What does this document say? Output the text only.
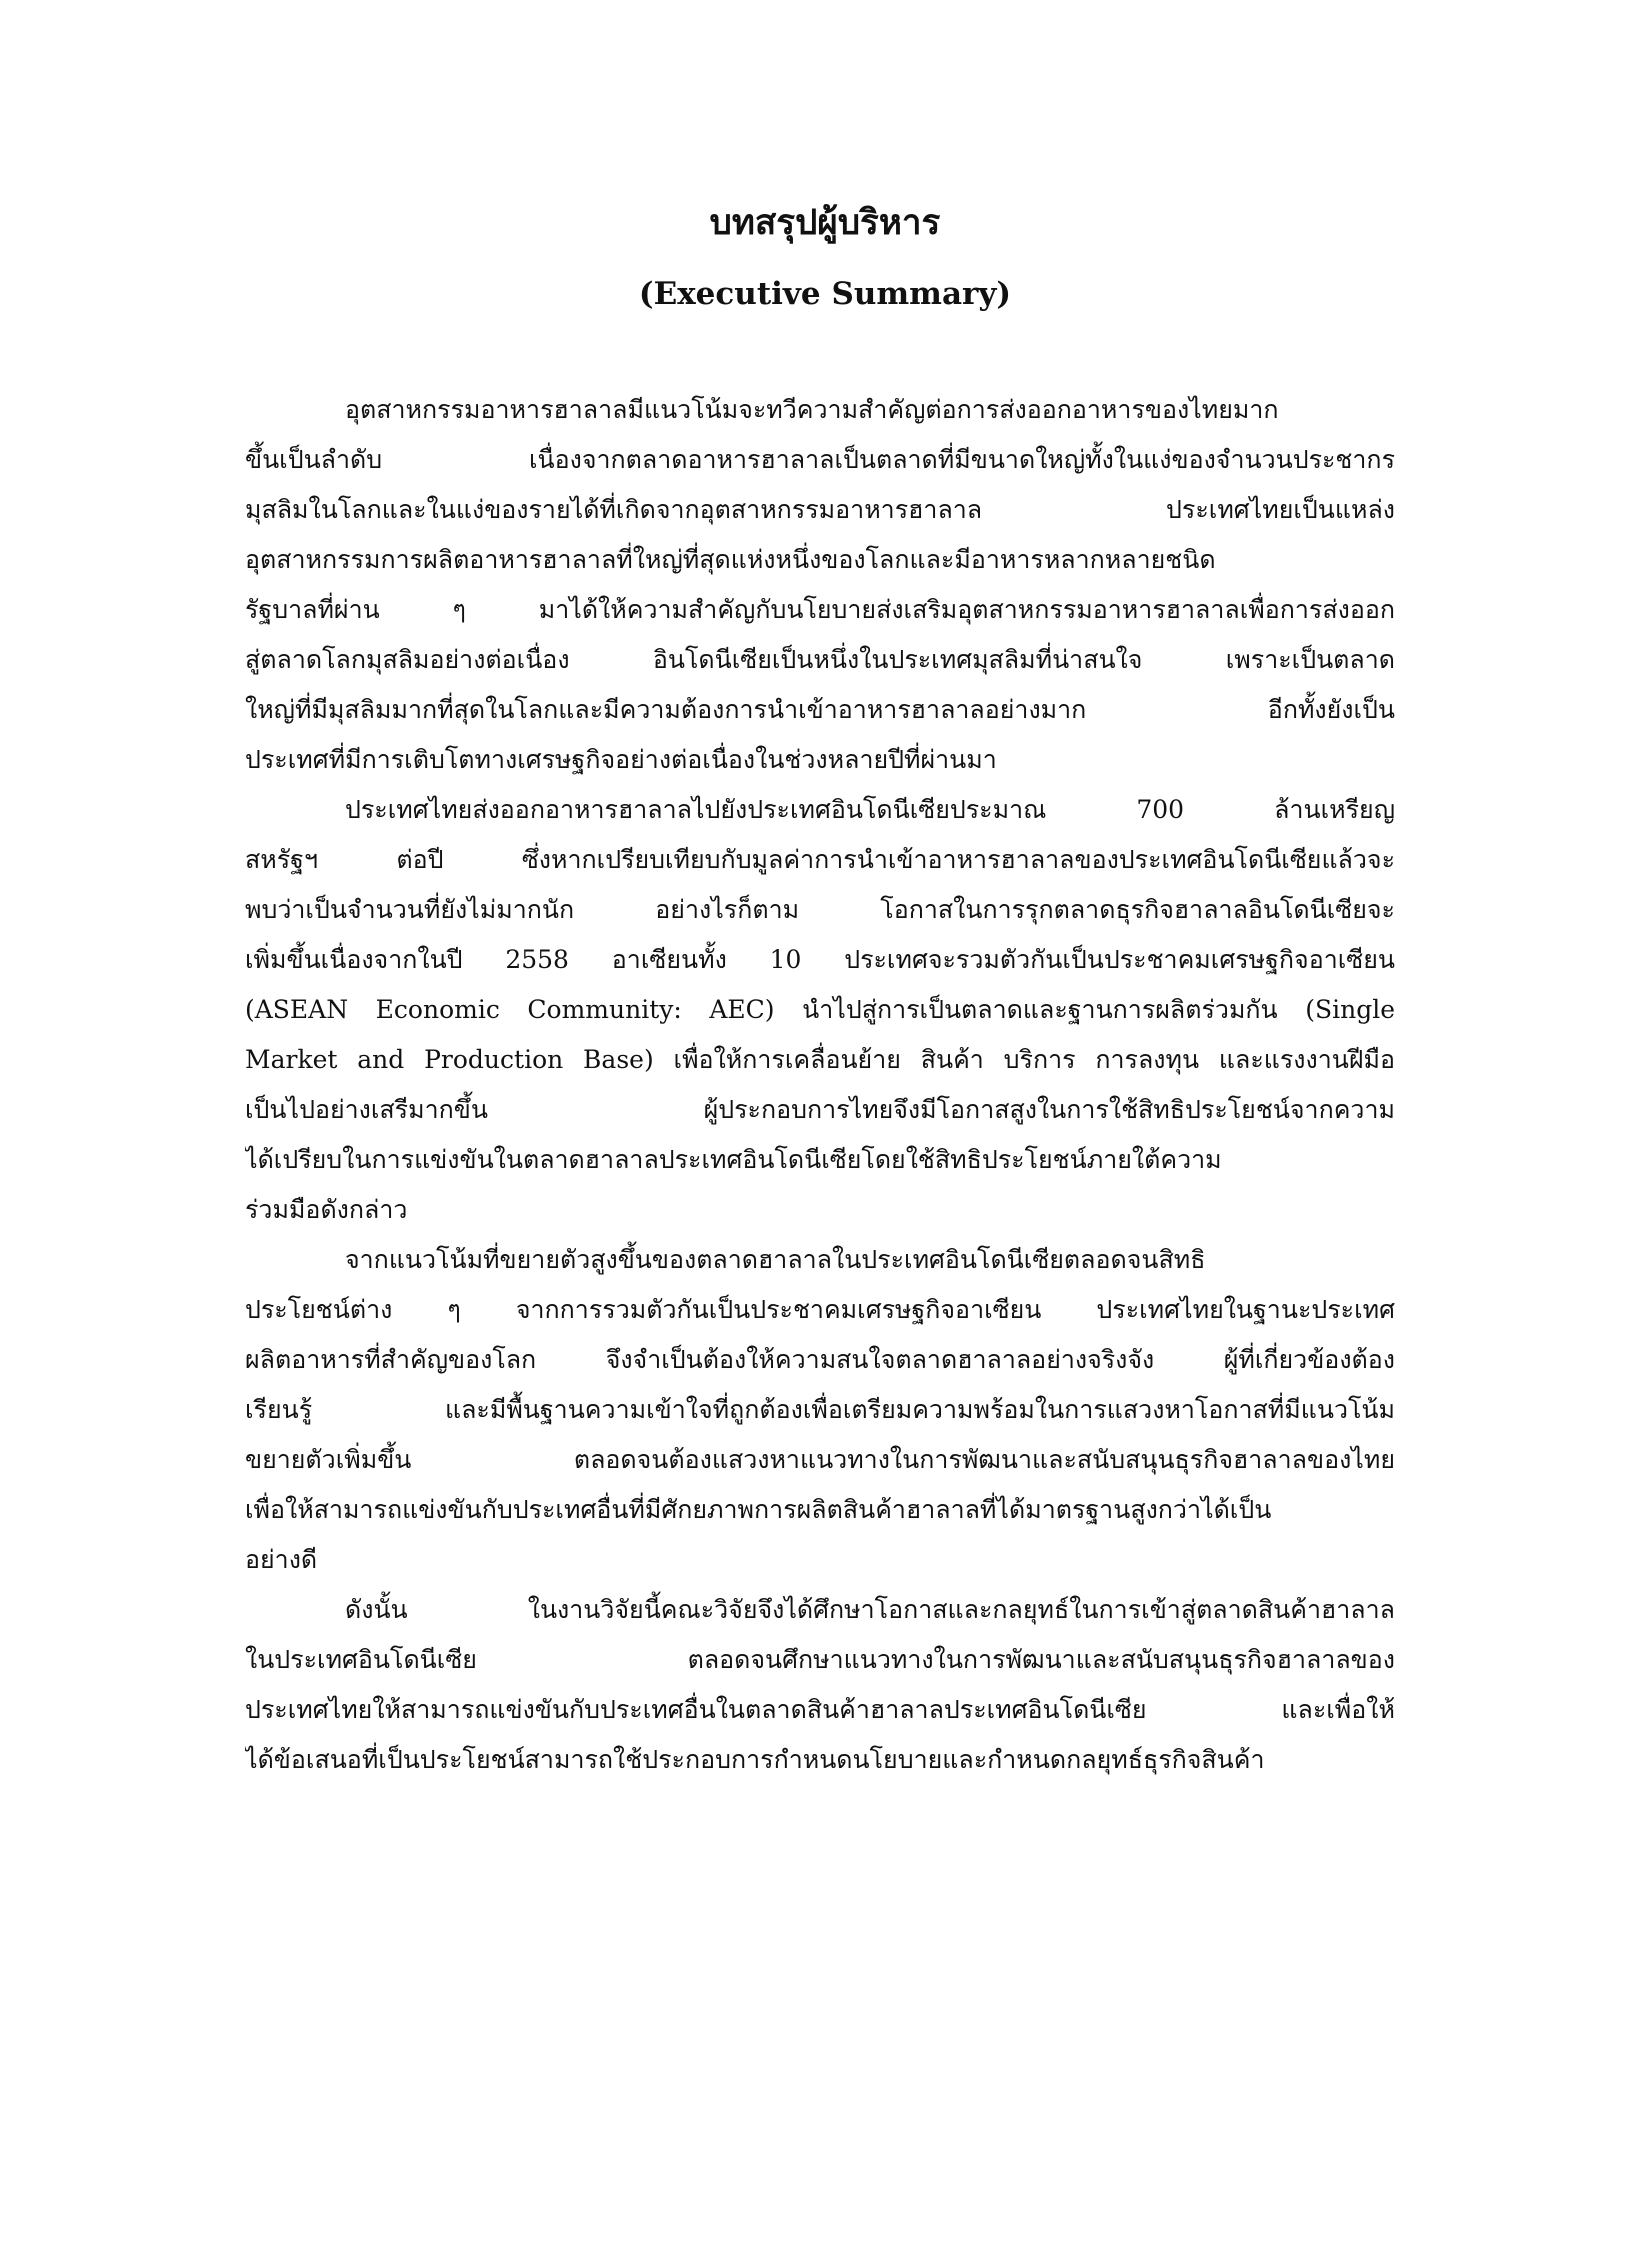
บทสรุปผู้บริหาร
(Executive Summary)
อุตสาหกรรมอาหารฮาลาลมีแนวโน้มจะทวีความสำคัญต่อการส่งออกอาหารของไทยมาก
ขึ้นเป็นลำดับ เนื่องจากตลาดอาหารฮาลาลเป็นตลาดที่มีขนาดใหญ่ทั้งในแง่ของจำนวนประชากร
มุสลิมในโลกและในแง่ของรายได้ที่เกิดจากอุตสาหกรรมอาหารฮาลาล ประเทศไทยเป็นแหล่ง
อุตสาหกรรมการผลิตอาหารฮาลาลที่ใหญ่ที่สุดแห่งหนึ่งของโลกและมีอาหารหลากหลายชนิด
รัฐบาลที่ผ่าน ๆ มาได้ให้ความสำคัญกับนโยบายส่งเสริมอุตสาหกรรมอาหารฮาลาลเพื่อการส่งออก
สู่ตลาดโลกมุสลิมอย่างต่อเนื่อง อินโดนีเซียเป็นหนึ่งในประเทศมุสลิมที่น่าสนใจ เพราะเป็นตลาด
ใหญ่ที่มีมุสลิมมากที่สุดในโลกและมีความต้องการนำเข้าอาหารฮาลาลอย่างมาก อีกทั้งยังเป็น
ประเทศที่มีการเติบโตทางเศรษฐกิจอย่างต่อเนื่องในช่วงหลายปีที่ผ่านมา
ประเทศไทยส่งออกอาหารฮาลาลไปยังประเทศอินโดนีเซียประมาณ 700 ล้านเหรียญ
สหรัฐฯ ต่อปี ซึ่งหากเปรียบเทียบกับมูลค่าการนำเข้าอาหารฮาลาลของประเทศอินโดนีเซียแล้วจะ
พบว่าเป็นจำนวนที่ยังไม่มากนัก อย่างไรก็ตาม โอกาสในการรุกตลาดธุรกิจฮาลาลอินโดนีเซียจะ
เพิ่มขึ้นเนื่องจากในปี 2558 อาเซียนทั้ง 10 ประเทศจะรวมตัวกันเป็นประชาคมเศรษฐกิจอาเซียน
(ASEAN Economic Community: AEC) นำไปสู่การเป็นตลาดและฐานการผลิตร่วมกัน (Single
Market and Production Base) เพื่อให้การเคลื่อนย้าย สินค้า บริการ การลงทุน และแรงงานฝีมือ
เป็นไปอย่างเสรีมากขึ้น ผู้ประกอบการไทยจึงมีโอกาสสูงในการใช้สิทธิประโยชน์จากความ
ได้เปรียบในการแข่งขันในตลาดฮาลาลประเทศอินโดนีเซียโดยใช้สิทธิประโยชน์ภายใต้ความ
ร่วมมือดังกล่าว
จากแนวโน้มที่ขยายตัวสูงขึ้นของตลาดฮาลาลในประเทศอินโดนีเซียตลอดจนสิทธิ
ประโยชน์ต่าง ๆ จากการรวมตัวกันเป็นประชาคมเศรษฐกิจอาเซียน ประเทศไทยในฐานะประเทศ
ผลิตอาหารที่สำคัญของโลก จึงจำเป็นต้องให้ความสนใจตลาดฮาลาลอย่างจริงจัง ผู้ที่เกี่ยวข้องต้อง
เรียนรู้ และมีพื้นฐานความเข้าใจที่ถูกต้องเพื่อเตรียมความพร้อมในการแสวงหาโอกาสที่มีแนวโน้ม
ขยายตัวเพิ่มขึ้น ตลอดจนต้องแสวงหาแนวทางในการพัฒนาและสนับสนุนธุรกิจฮาลาลของไทย
เพื่อให้สามารถแข่งขันกับประเทศอื่นที่มีศักยภาพการผลิตสินค้าฮาลาลที่ได้มาตรฐานสูงกว่าได้เป็น
อย่างดี
ดังนั้น ในงานวิจัยนี้คณะวิจัยจึงได้ศึกษาโอกาสและกลยุทธ์ในการเข้าสู่ตลาดสินค้าฮาลาล
ในประเทศอินโดนีเซีย ตลอดจนศึกษาแนวทางในการพัฒนาและสนับสนุนธุรกิจฮาลาลของ
ประเทศไทยให้สามารถแข่งขันกับประเทศอื่นในตลาดสินค้าฮาลาลประเทศอินโดนีเซีย และเพื่อให้
ได้ข้อเสนอที่เป็นประโยชน์สามารถใช้ประกอบการกำหนดนโยบายและกำหนดกลยุทธ์ธุรกิจสินค้า
